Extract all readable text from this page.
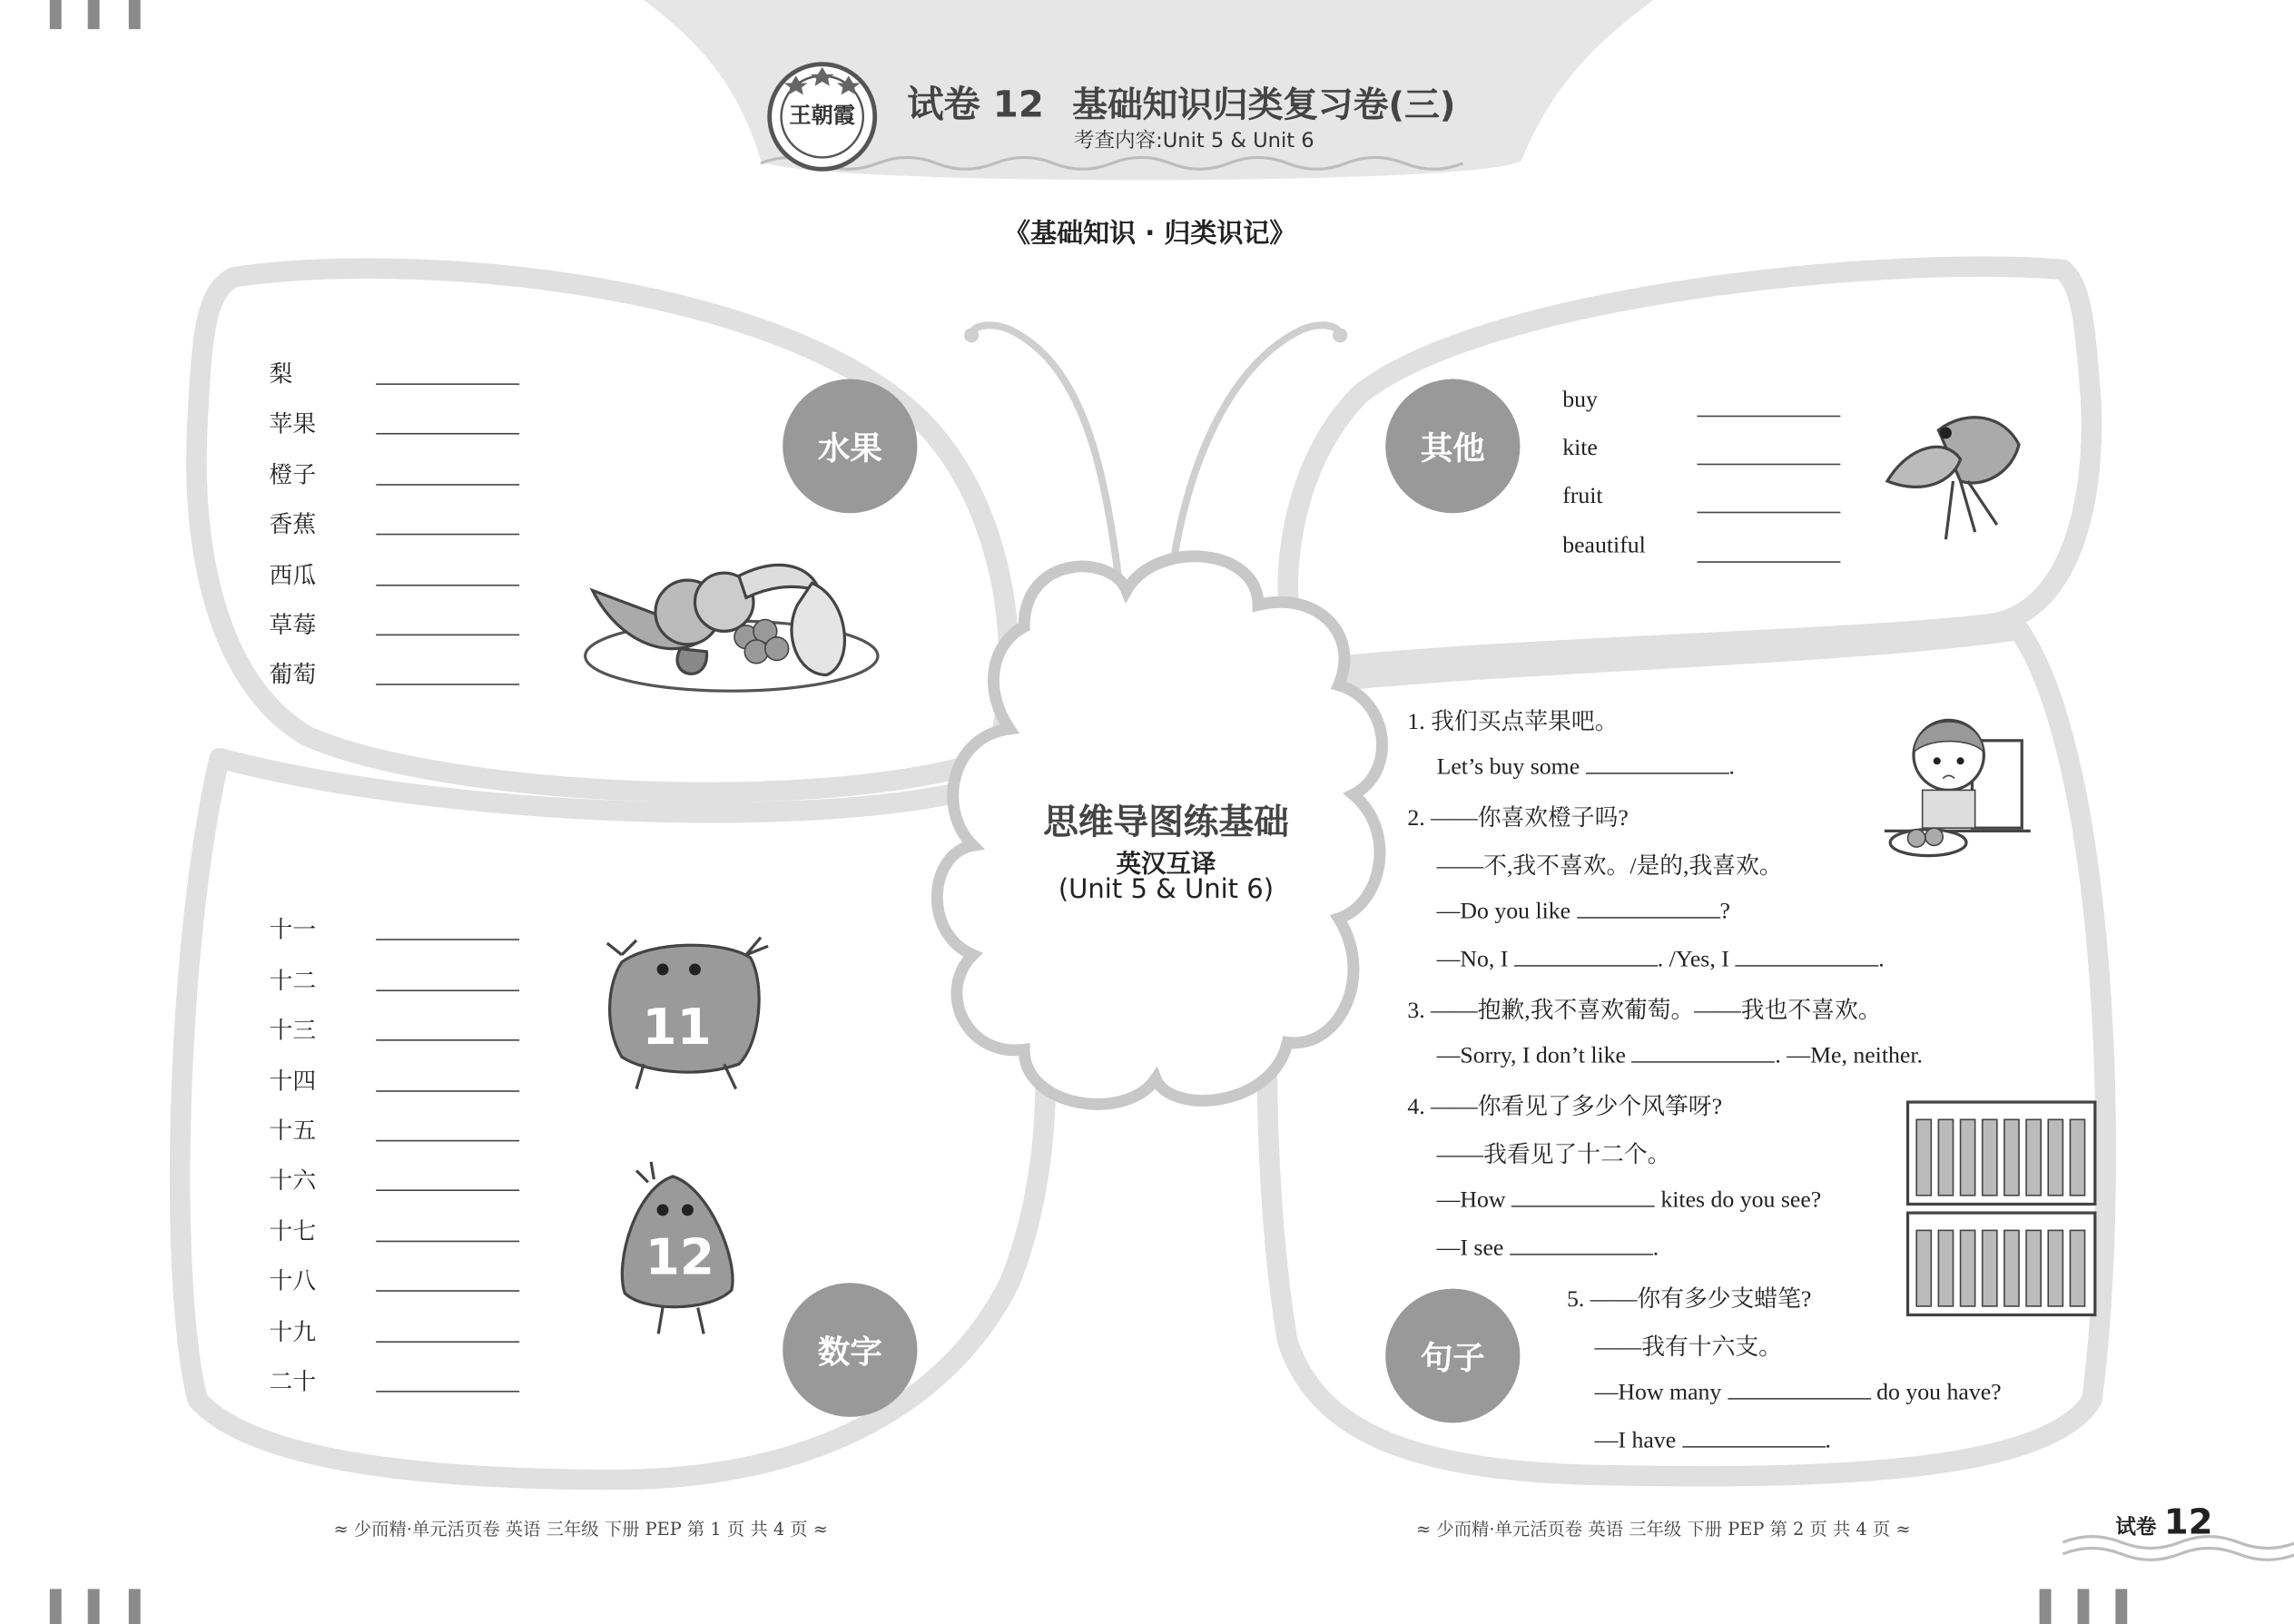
王朝霞	试卷 12 基础知识归类复习卷(三)
考查内容:Unit 5 & Unit 6
《基础知识 · 归类识记》
思维导图练基础
英汉互译
(Unit 5 & Unit 6)
水果
梨
苹果
橙子
香蕉
西瓜
草莓
葡萄
数字
十一
十二
十三
十四
十五
十六
十七
十八
十九
二十
11
12
其他
buy
kite
fruit
beautiful
句子
1. 我们买点苹果吧。
Let’s buy some	.
2. ——你喜欢橙子吗?
——不,我不喜欢。/是的,我喜欢。
—Do you like	?
—No, I	. /Yes, I	.
3. ——抱歉,我不喜欢葡萄。——我也不喜欢。
—Sorry, I don’t like	. —Me, neither.
4. ——你看见了多少个风筝呀?
——我看见了十二个。
—How	kites do you see?
—I see	.
5. ——你有多少支蜡笔?
——我有十六支。
—How many	do you have?
—I have	.
≈ 少而精·单元活页卷 英语 三年级 下册 PEP 第 1 页 共 4 页 ≈	≈ 少而精·单元活页卷 英语 三年级 下册 PEP 第 2 页 共 4 页 ≈	试卷 12
